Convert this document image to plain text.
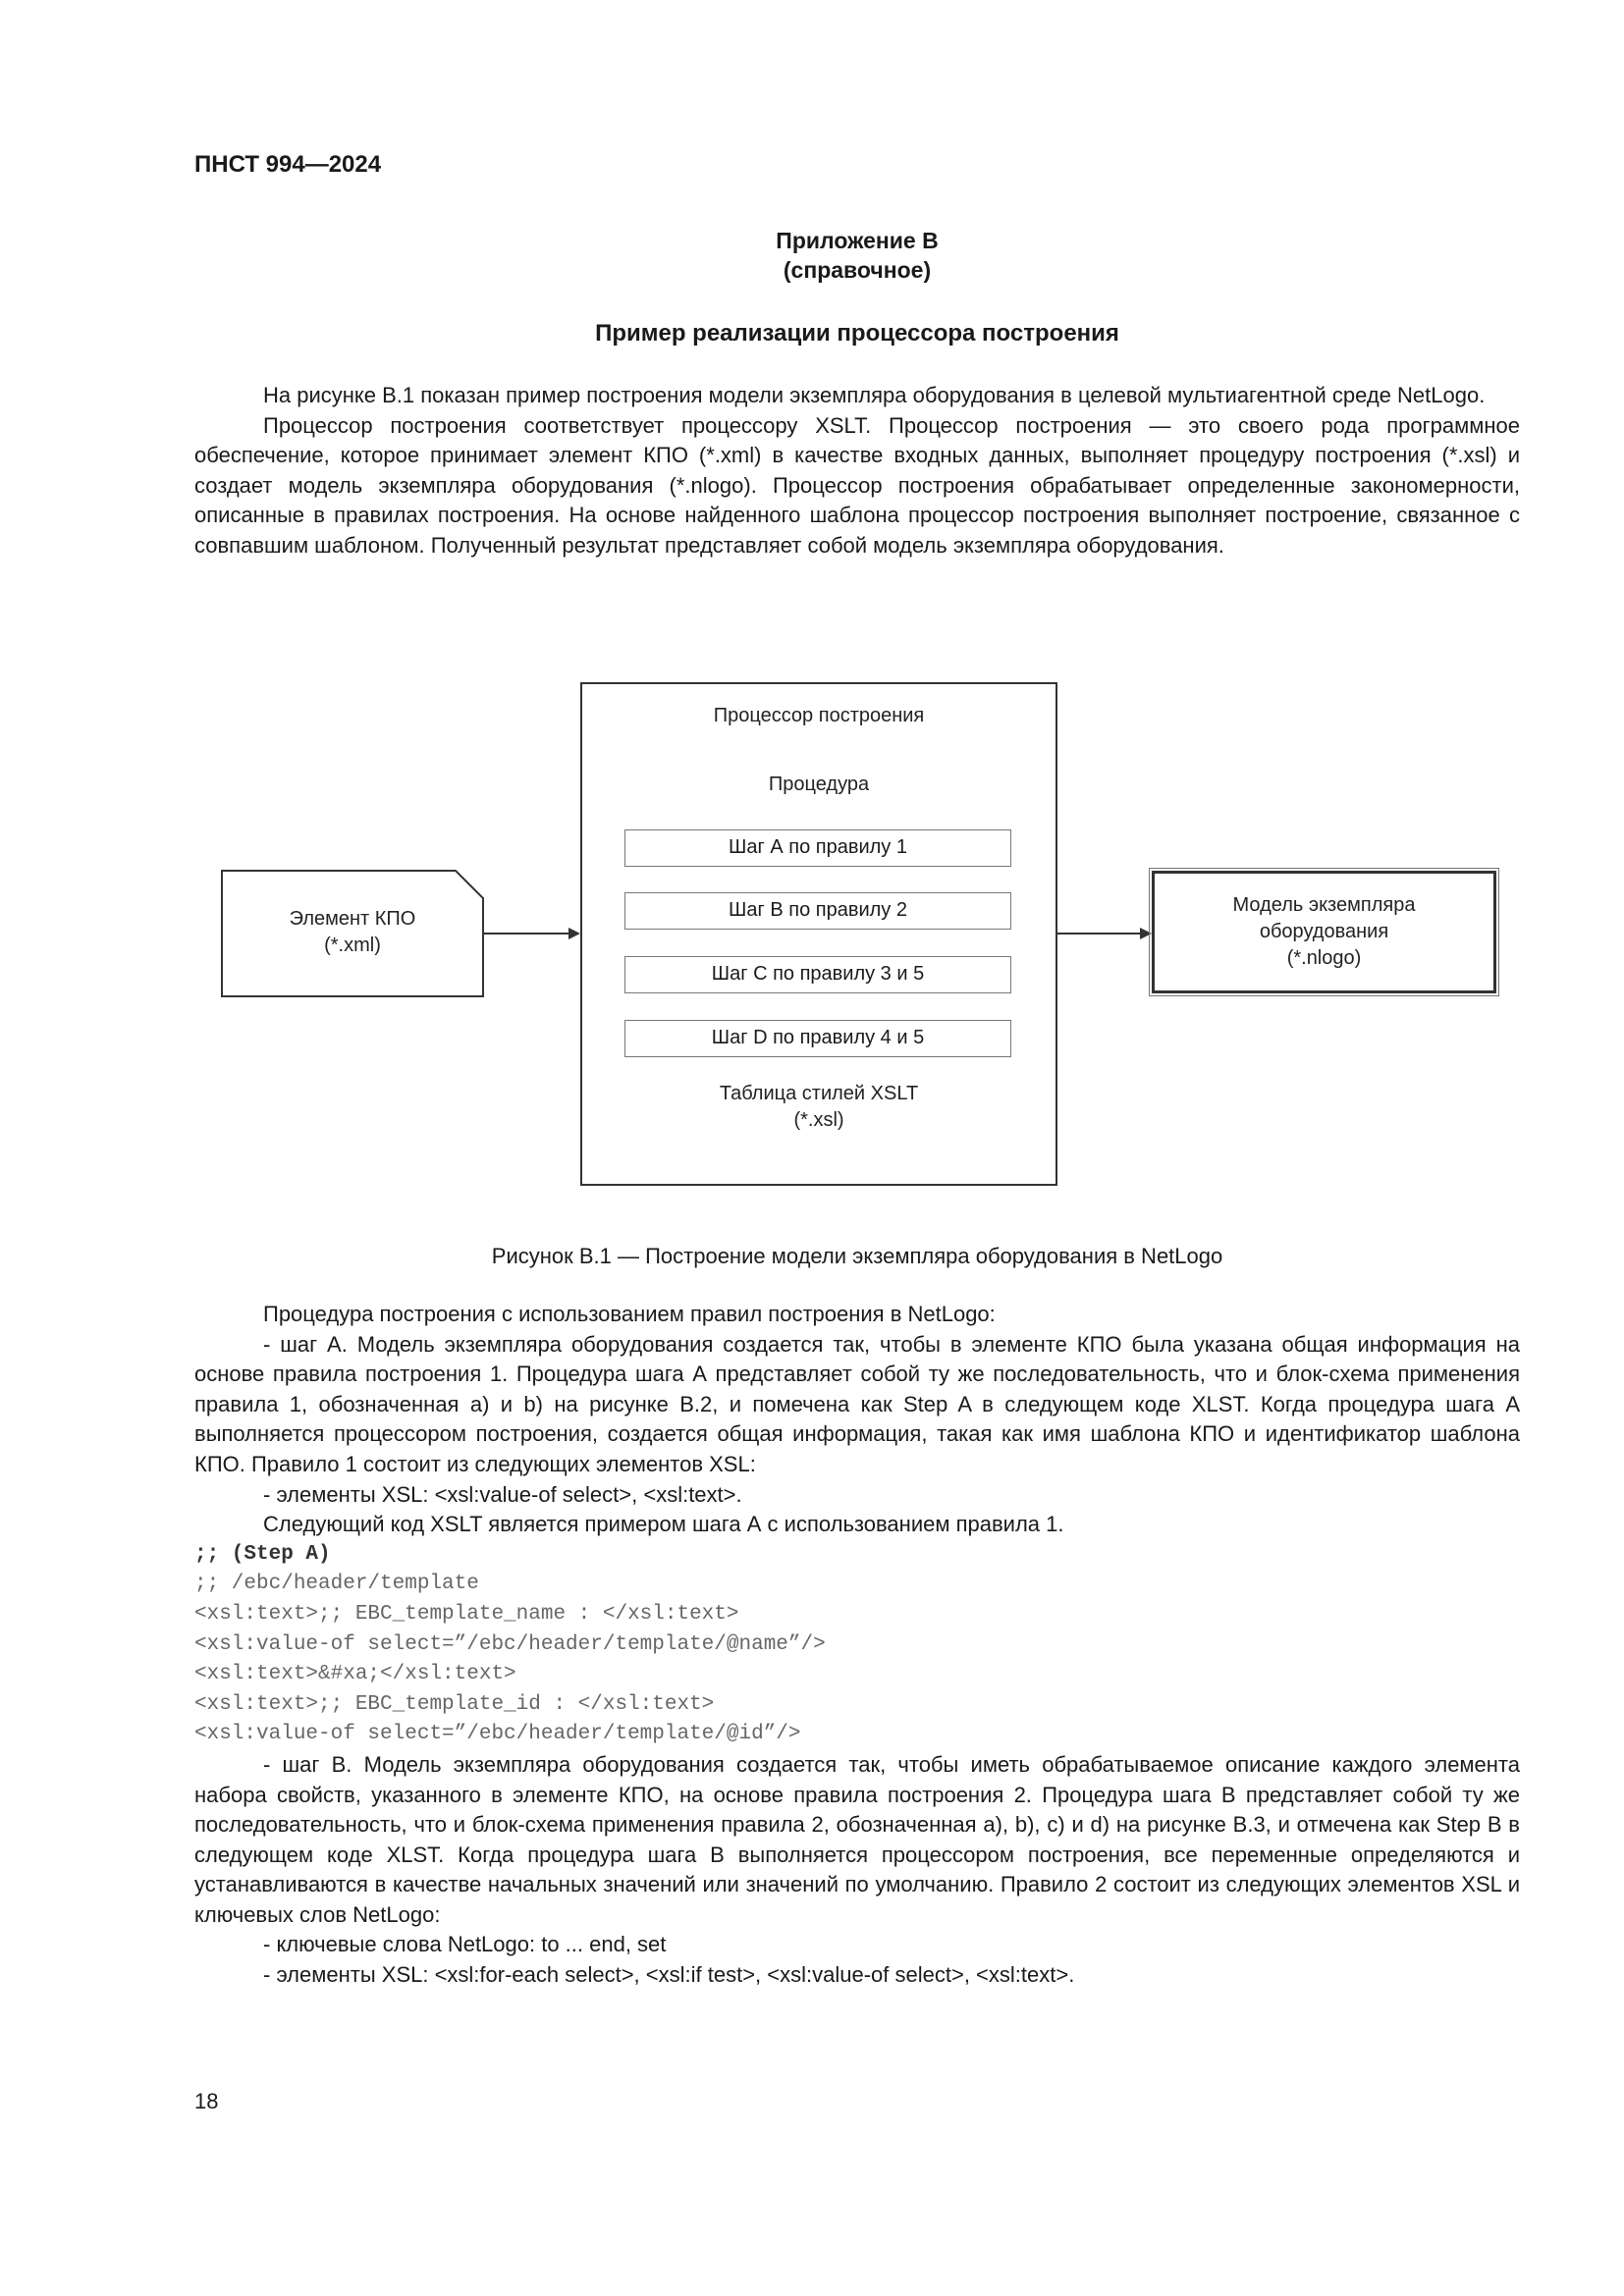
ПНСТ 994—2024
Приложение В
(справочное)
Пример реализации процессора построения

На рисунке В.1 показан пример построения модели экземпляра оборудования в целевой мультиагентной среде NetLogo.

Процессор построения соответствует процессору XSLT. Процессор построения — это своего рода программное обеспечение, которое принимает элемент КПО (*.xml) в качестве входных данных, выполняет процедуру построения (*.xsl) и создает модель экземпляра оборудования (*.nlogo). Процессор построения обрабатывает определенные закономерности, описанные в правилах построения. На основе найденного шаблона процессор построения выполняет построение, связанное с совпавшим шаблоном. Полученный результат представляет собой модель экземпляра оборудования.

Элемент КПО
(*.xml)
Процессор построения
Процедура
Шаг А по правилу 1
Шаг В по правилу 2
Шаг С по правилу 3 и 5
Шаг D по правилу 4 и 5
Таблица стилей XSLT
(*.xsl)
Модель экземпляра
оборудования
(*.nlogo)
Рисунок В.1 — Построение модели экземпляра оборудования в NetLogo

Процедура построения с использованием правил построения в NetLogo:

- шаг А. Модель экземпляра оборудования создается так, чтобы в элементе КПО была указана общая информация на основе правила построения 1. Процедура шага А представляет собой ту же последовательность, что и блок-схема применения правила 1, обозначенная а) и b) на рисунке В.2, и помечена как Step A в следующем коде XLST. Когда процедура шага А выполняется процессором построения, создается общая информация, такая как имя шаблона КПО и идентификатор шаблона КПО. Правило 1 состоит из следующих элементов XSL:

- элементы XSL: <xsl:value-of select>, <xsl:text>.

Следующий код XSLT является примером шага А с использованием правила 1.

;; (Step A)
;; /ebc/header/template
<xsl:text>;; EBC_template_name : </xsl:text>
<xsl:value-of select=”/ebc/header/template/@name”/>
<xsl:text>&#xa;</xsl:text>
<xsl:text>;; EBC_template_id : </xsl:text>
<xsl:value-of select=”/ebc/header/template/@id”/>

- шаг В. Модель экземпляра оборудования создается так, чтобы иметь обрабатываемое описание каждого элемента набора свойств, указанного в элементе КПО, на основе правила построения 2. Процедура шага В представляет собой ту же последовательность, что и блок-схема применения правила 2, обозначенная а), b), c) и d) на рисунке В.3, и отмечена как Step B в следующем коде XLST. Когда процедура шага В выполняется процессором построения, все переменные определяются и устанавливаются в качестве начальных значений или значений по умолчанию. Правило 2 состоит из следующих элементов XSL и ключевых слов NetLogo:

- ключевые слова NetLogo: to ... end, set

- элементы XSL: <xsl:for-each select>, <xsl:if test>, <xsl:value-of select>, <xsl:text>.

18
